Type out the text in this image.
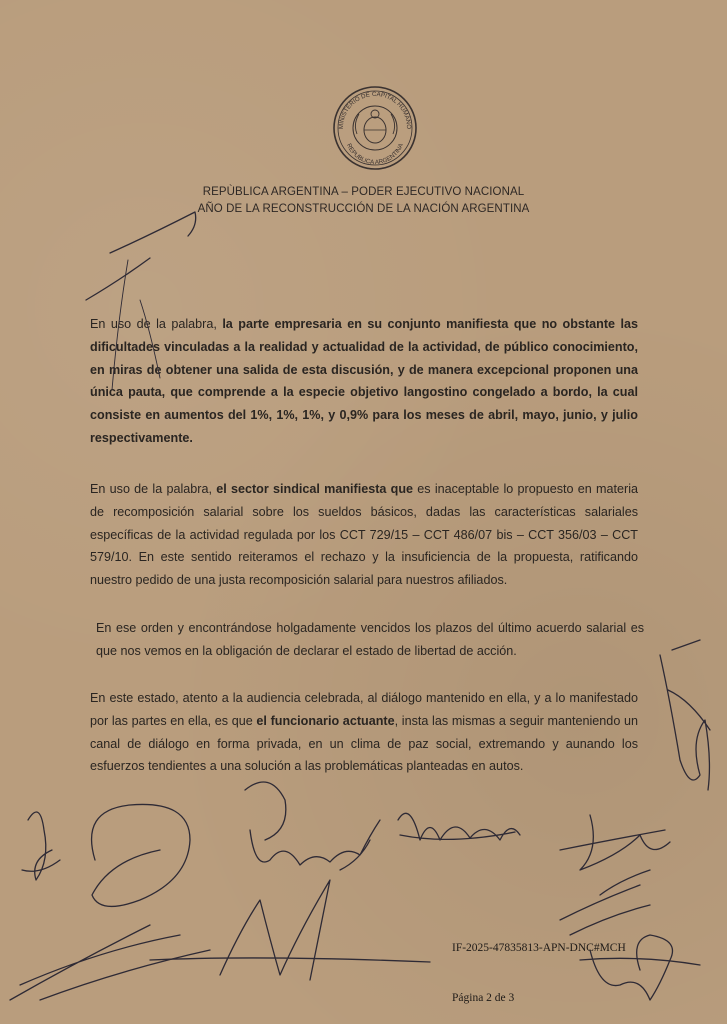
MINISTERIO DE CAPITAL HUMANO
REPUBLICA ARGENTINA
REPÙBLICA ARGENTINA – PODER EJECUTIVO NACIONAL
AÑO DE LA RECONSTRUCCIÓN DE LA NACIÓN ARGENTINA
En uso de la palabra, la parte empresaria en su conjunto manifiesta que no obstante las dificultades vinculadas a la realidad y actualidad de la actividad, de público conocimiento, en miras de obtener una salida de esta discusión, y de manera excepcional proponen una única pauta, que comprende a la especie objetivo langostino congelado a bordo, la cual consiste en aumentos del 1%, 1%, 1%, y 0,9% para los meses de abril, mayo, junio, y julio respectivamente.
En uso de la palabra, el sector sindical manifiesta que es inaceptable lo propuesto en materia de recomposición salarial sobre los sueldos básicos, dadas las características salariales específicas de la actividad regulada por los CCT 729/15 – CCT 486/07 bis – CCT 356/03 – CCT 579/10. En este sentido reiteramos el rechazo y la insuficiencia de la propuesta, ratificando nuestro pedido de una justa recomposición salarial para nuestros afiliados.
En ese orden y encontrándose holgadamente vencidos los plazos del último acuerdo salarial es que nos vemos en la obligación de declarar el estado de libertad de acción.
En este estado, atento a la audiencia celebrada, al diálogo mantenido en ella, y a lo manifestado por las partes en ella, es que el funcionario actuante, insta las mismas a seguir manteniendo un canal de diálogo en forma privada, en un clima de paz social, extremando y aunando los esfuerzos tendientes a una solución a las problemáticas planteadas en autos.
IF-2025-47835813-APN-DNC#MCH
Página 2 de 3
